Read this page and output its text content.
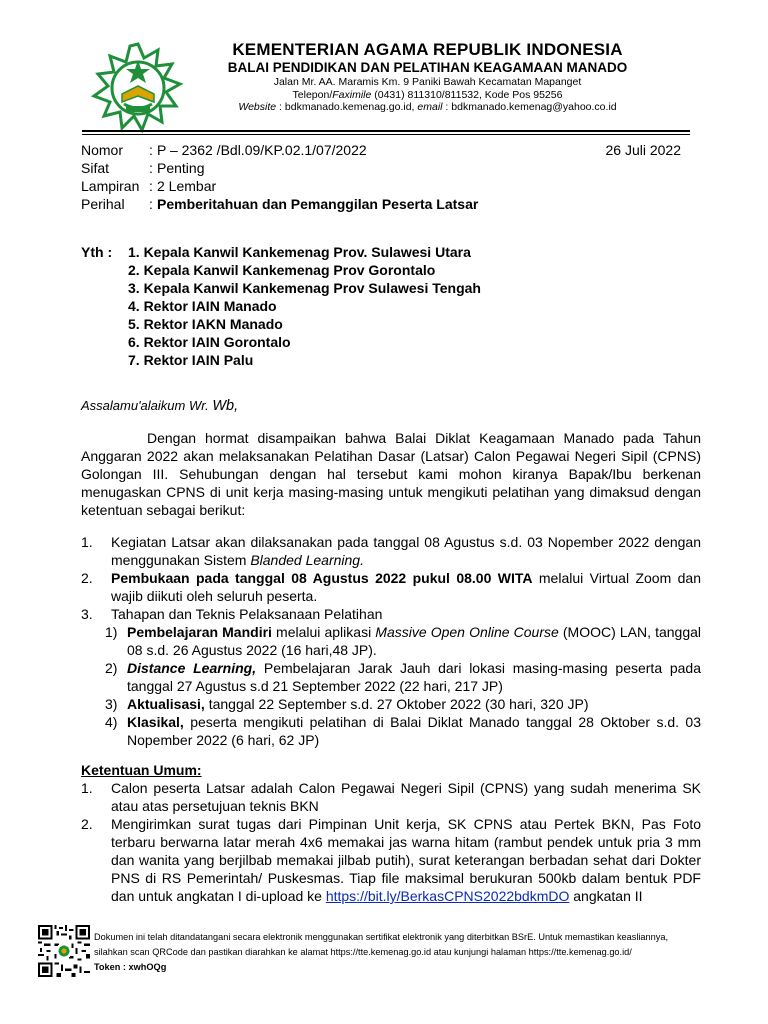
KEMENTERIAN AGAMA REPUBLIK INDONESIA
BALAI PENDIDIKAN DAN PELATIHAN KEAGAMAAN MANADO
Jalan Mr. AA. Maramis Km. 9 Paniki Bawah Kecamatan Mapanget
Telepon/Faximile (0431) 811310/811532, Kode Pos 95256
Website : bdkmanado.kemenag.go.id, email : bdkmanado.kemenag@yahoo.co.id
Nomor	: P – 2362 /Bdl.09/KP.02.1/07/2022
Sifat	: Penting
Lampiran : 2 Lembar
Perihal	: Pemberitahuan dan Pemanggilan Peserta Latsar
26 Juli 2022
Yth :	1. Kepala Kanwil Kankemenag Prov. Sulawesi Utara
2. Kepala Kanwil Kankemenag Prov Gorontalo
3. Kepala Kanwil Kankemenag Prov Sulawesi Tengah
4. Rektor IAIN Manado
5. Rektor IAKN Manado
6. Rektor IAIN Gorontalo
7. Rektor IAIN Palu
Assalamu'alaikum Wr. Wb,
Dengan hormat disampaikan bahwa Balai Diklat Keagamaan Manado pada Tahun Anggaran 2022 akan melaksanakan Pelatihan Dasar (Latsar) Calon Pegawai Negeri Sipil (CPNS) Golongan III. Sehubungan dengan hal tersebut kami mohon kiranya Bapak/Ibu berkenan menugaskan CPNS di unit kerja masing-masing untuk mengikuti pelatihan yang dimaksud dengan ketentuan sebagai berikut:
1.	Kegiatan Latsar akan dilaksanakan pada tanggal 08 Agustus s.d. 03 Nopember 2022 dengan menggunakan Sistem Blanded Learning.
2.	Pembukaan pada tanggal 08 Agustus 2022 pukul 08.00 WITA melalui Virtual Zoom dan wajib diikuti oleh seluruh peserta.
3.	Tahapan dan Teknis Pelaksanaan Pelatihan
1) Pembelajaran Mandiri melalui aplikasi Massive Open Online Course (MOOC) LAN, tanggal 08 s.d. 26 Agustus 2022 (16 hari,48 JP).
2) Distance Learning, Pembelajaran Jarak Jauh dari lokasi masing-masing peserta pada tanggal 27 Agustus s.d 21 September 2022 (22 hari, 217 JP)
3) Aktualisasi, tanggal 22 September s.d. 27 Oktober 2022 (30 hari, 320 JP)
4) Klasikal, peserta mengikuti pelatihan di Balai Diklat Manado tanggal 28 Oktober s.d. 03 Nopember 2022 (6 hari, 62 JP)
Ketentuan Umum:
1.	Calon peserta Latsar adalah Calon Pegawai Negeri Sipil (CPNS) yang sudah menerima SK atau atas persetujuan teknis BKN
2.	Mengirimkan surat tugas dari Pimpinan Unit kerja, SK CPNS atau Pertek BKN, Pas Foto terbaru berwarna latar merah 4x6 memakai jas warna hitam (rambut pendek untuk pria 3 mm dan wanita yang berjilbab memakai jilbab putih), surat keterangan berbadan sehat dari Dokter PNS di RS Pemerintah/ Puskesmas. Tiap file maksimal berukuran 500kb dalam bentuk PDF dan untuk angkatan I di-upload ke https://bit.ly/BerkasCPNS2022bdkmDO angkatan II
Dokumen ini telah ditandatangani secara elektronik menggunakan sertifikat elektronik yang diterbitkan BSrE. Untuk memastikan keasliannya,
silahkan scan QRCode dan pastikan diarahkan ke alamat https://tte.kemenag.go.id atau kunjungi halaman https://tte.kemenag.go.id/
Token : xwhOQg
